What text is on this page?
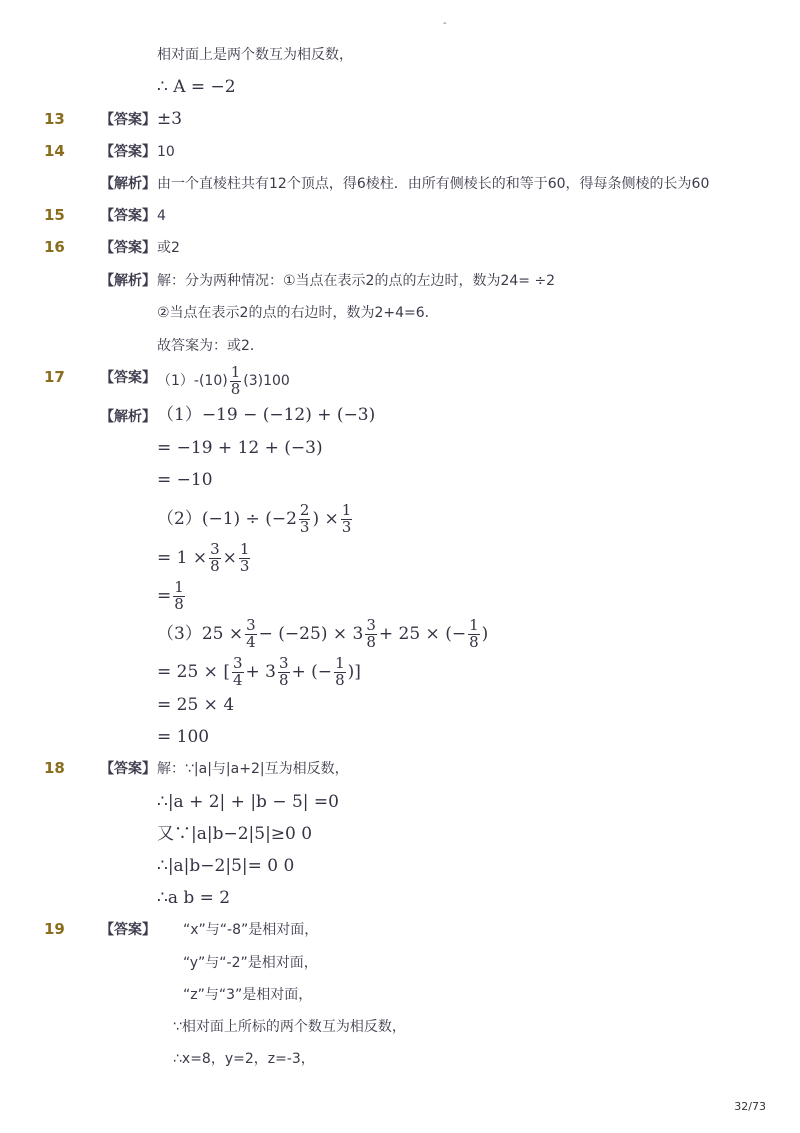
-
相对面上是两个数互为相反数，
∴ A = −2
13	【答案】 ±3
14	【答案】 10
【解析】 由一个直棱柱共有12个顶点，得6棱柱．由所有侧棱长的和等于60，得每条侧棱的长为60
15	【答案】 4
16	【答案】 或2
【解析】 解：分为两种情况：①当点在表示2的点的左边时，数为24= ÷2
②当点在表示2的点的右边时，数为2+4=6．
故答案为：或2．
17	【答案】 $(1)-(10) \frac{1}{8} (3)100$
【解析】 （1）−19 − (−12) + (−3)
= −19 + 12 + (−3)
= −10
$(2)(-1) \div (-2 \frac{2}{3}$ ) × $\frac{1}{3}$
= $1 \times \frac{3}{8} \times \frac{1}{3}$
= $\frac{1}{8}$
$(3)25 \times \frac{3}{4} - (-25) \times 3 \frac{3}{8} + 25$ × (− $\frac{1}{8}$ )
= 25 × [ $\frac{3}{4} + 3 \frac{3}{8}$ + (− $\frac{1}{8}$ )]
= 25 × 4
= 100
18	【答案】 解：∵|a|与|a+2|互为相反数，
∴|a + 2| + |b − 5| =0
又∵|a|b−2|5|≥0 0
∴|a|b−2|5|= 0 0
∴a b = 2
19	【答案】 “x”与“-8”是相对面，
“y”与“-2”是相对面，
“z”与“3”是相对面，
∵相对面上所标的两个数互为相反数，
∴x=8，y=2，z=-3，
32/73
